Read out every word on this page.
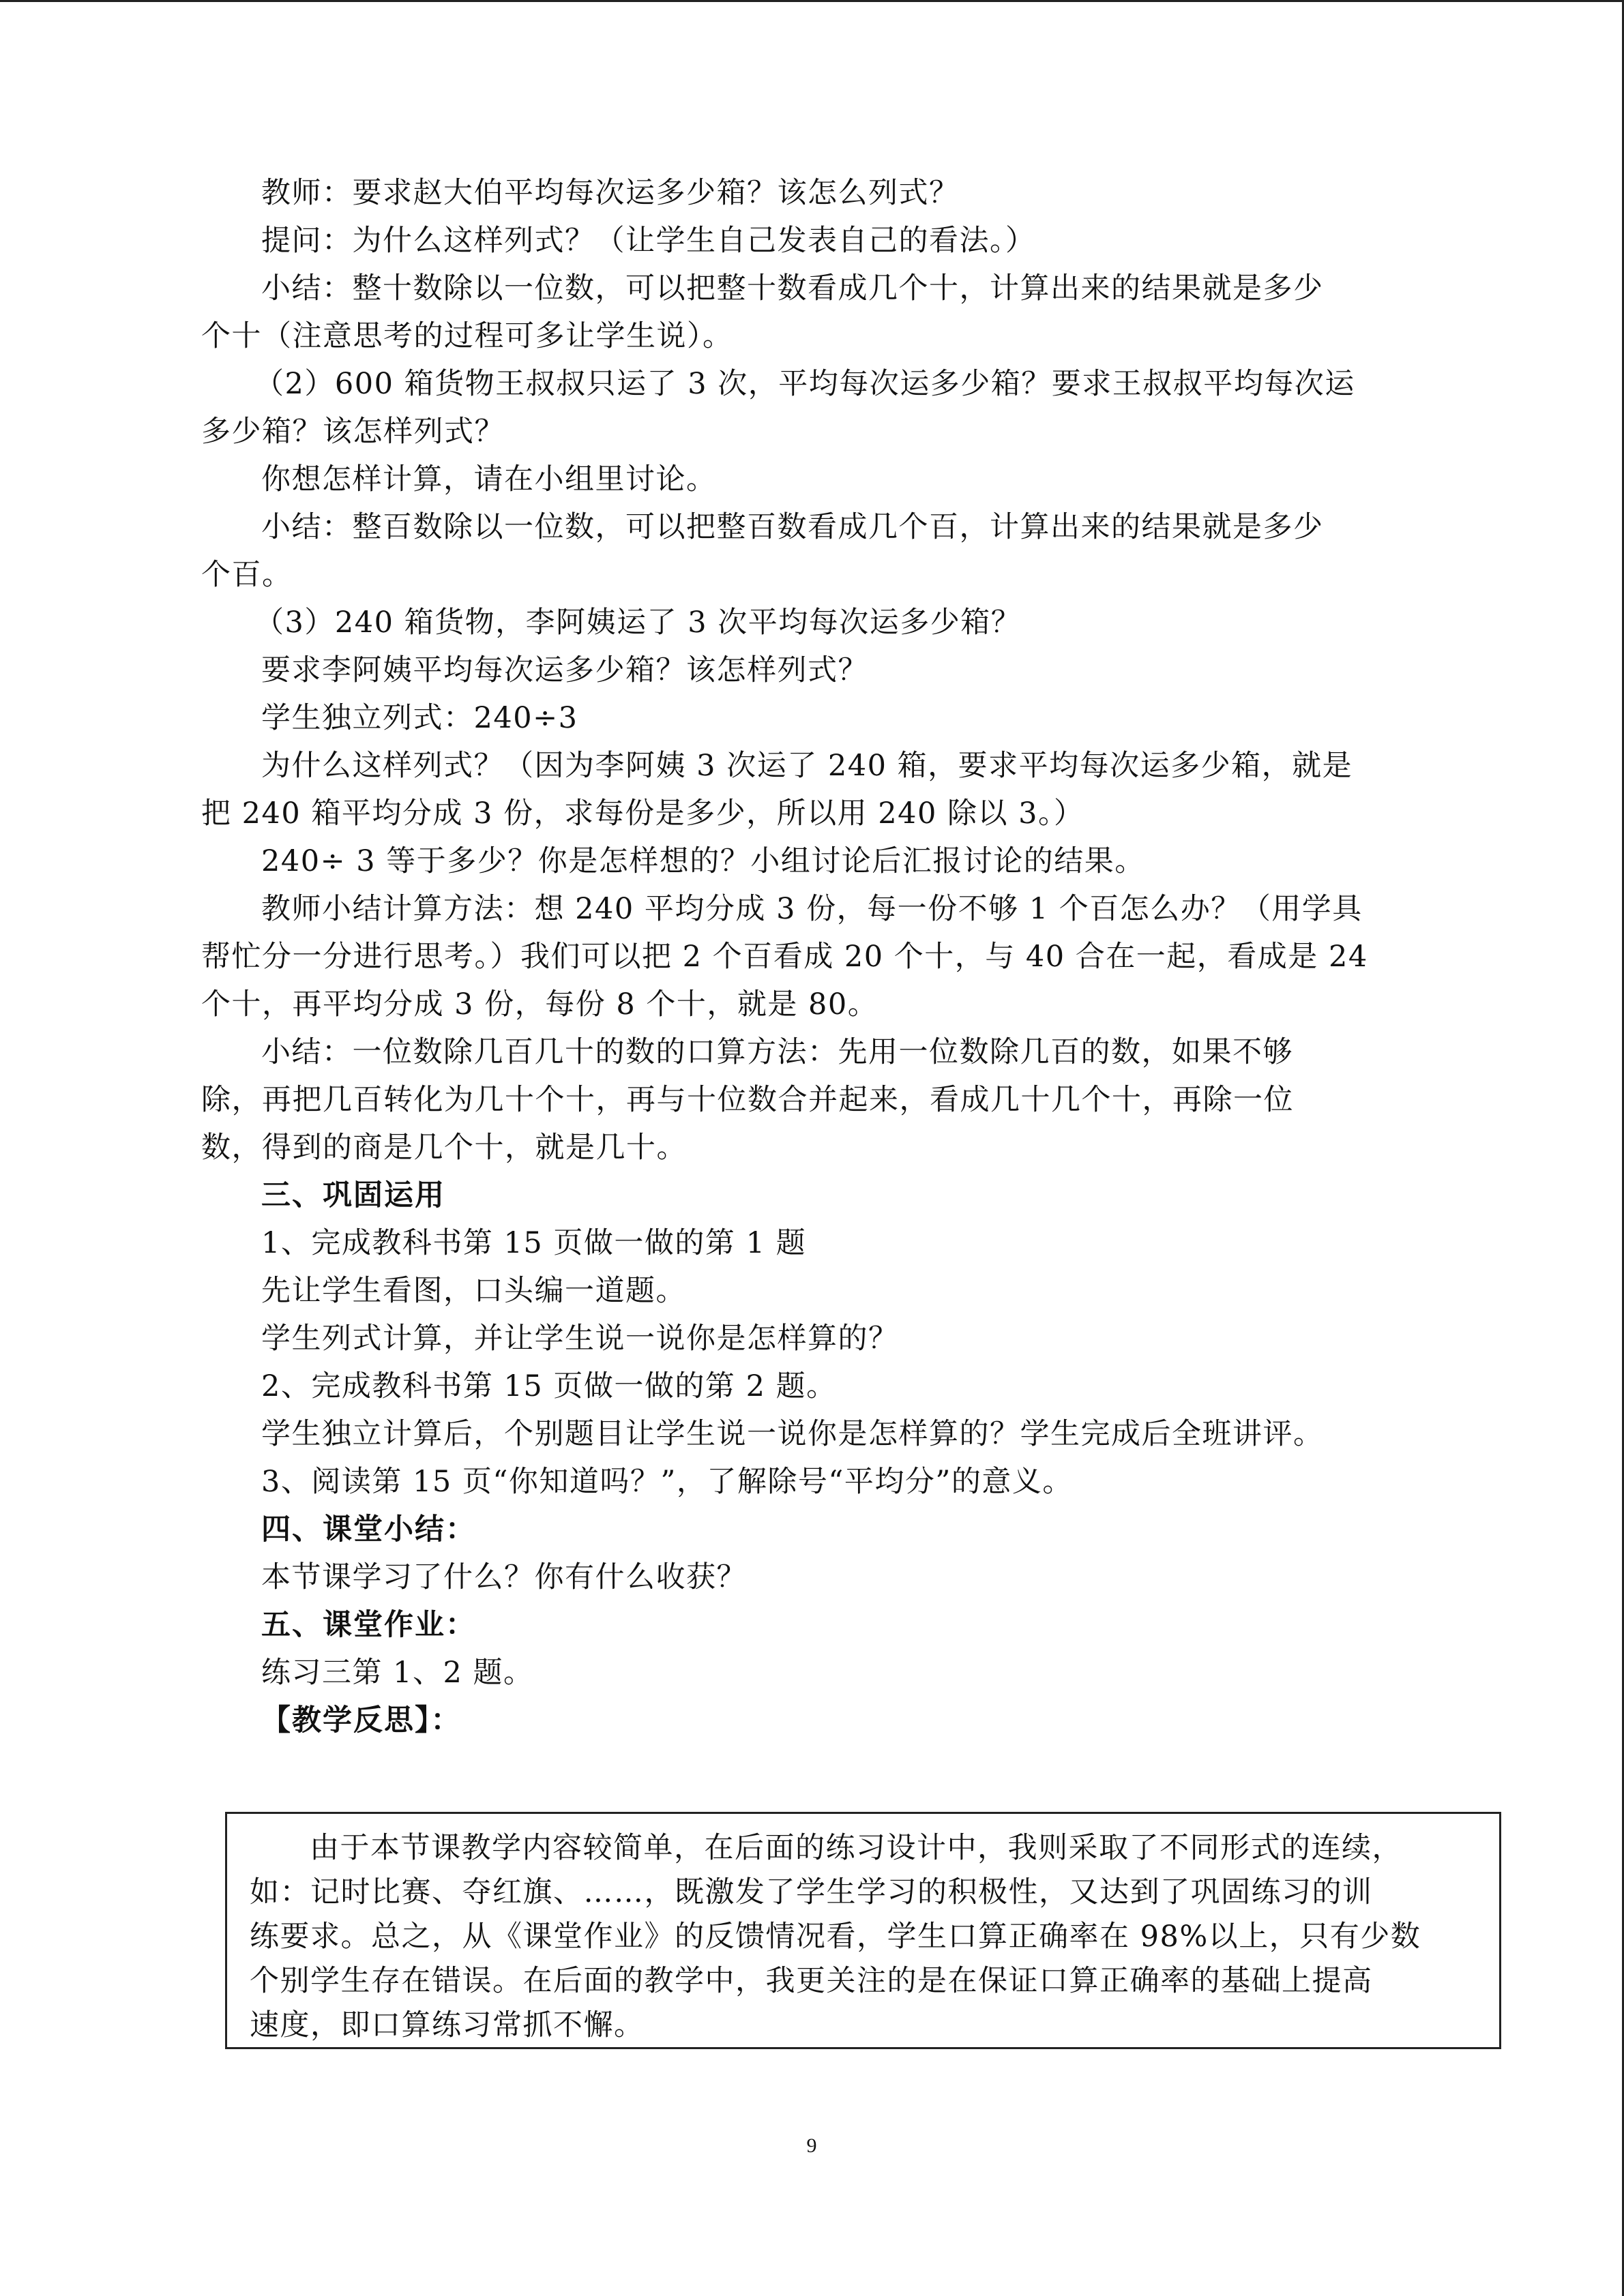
教师：要求赵大伯平均每次运多少箱？该怎么列式？
提问：为什么这样列式？（让学生自己发表自己的看法。）
小结：整十数除以一位数，可以把整十数看成几个十，计算出来的结果就是多少
个十（注意思考的过程可多让学生说）。
（2）600 箱货物王叔叔只运了 3 次，平均每次运多少箱？要求王叔叔平均每次运
多少箱？该怎样列式？
你想怎样计算，请在小组里讨论。
小结：整百数除以一位数，可以把整百数看成几个百，计算出来的结果就是多少
个百。
（3）240 箱货物，李阿姨运了 3 次平均每次运多少箱？
要求李阿姨平均每次运多少箱？该怎样列式？
学生独立列式：240÷3
为什么这样列式？（因为李阿姨 3 次运了 240 箱，要求平均每次运多少箱，就是
把 240 箱平均分成 3 份，求每份是多少，所以用 240 除以 3。）
240÷ 3 等于多少？你是怎样想的？小组讨论后汇报讨论的结果。
教师小结计算方法：想 240 平均分成 3 份，每一份不够 1 个百怎么办？（用学具
帮忙分一分进行思考。）我们可以把 2 个百看成 20 个十，与 40 合在一起，看成是 24
个十，再平均分成 3 份，每份 8 个十，就是 80。
小结：一位数除几百几十的数的口算方法：先用一位数除几百的数，如果不够
除，再把几百转化为几十个十，再与十位数合并起来，看成几十几个十，再除一位
数，得到的商是几个十，就是几十。
三、巩固运用
1、完成教科书第 15 页做一做的第 1 题
先让学生看图，口头编一道题。
学生列式计算，并让学生说一说你是怎样算的？
2、完成教科书第 15 页做一做的第 2 题。
学生独立计算后，个别题目让学生说一说你是怎样算的？学生完成后全班讲评。
3、阅读第 15 页“你知道吗？”，了解除号“平均分”的意义。
四、课堂小结：
本节课学习了什么？你有什么收获？
五、课堂作业：
练习三第 1、2 题。
【教学反思】：
由于本节课教学内容较简单，在后面的练习设计中，我则采取了不同形式的连续，
如：记时比赛、夺红旗、……，既激发了学生学习的积极性，又达到了巩固练习的训
练要求。总之，从《课堂作业》的反馈情况看，学生口算正确率在 98%以上，只有少数
个别学生存在错误。在后面的教学中，我更关注的是在保证口算正确率的基础上提高
速度，即口算练习常抓不懈。
9
